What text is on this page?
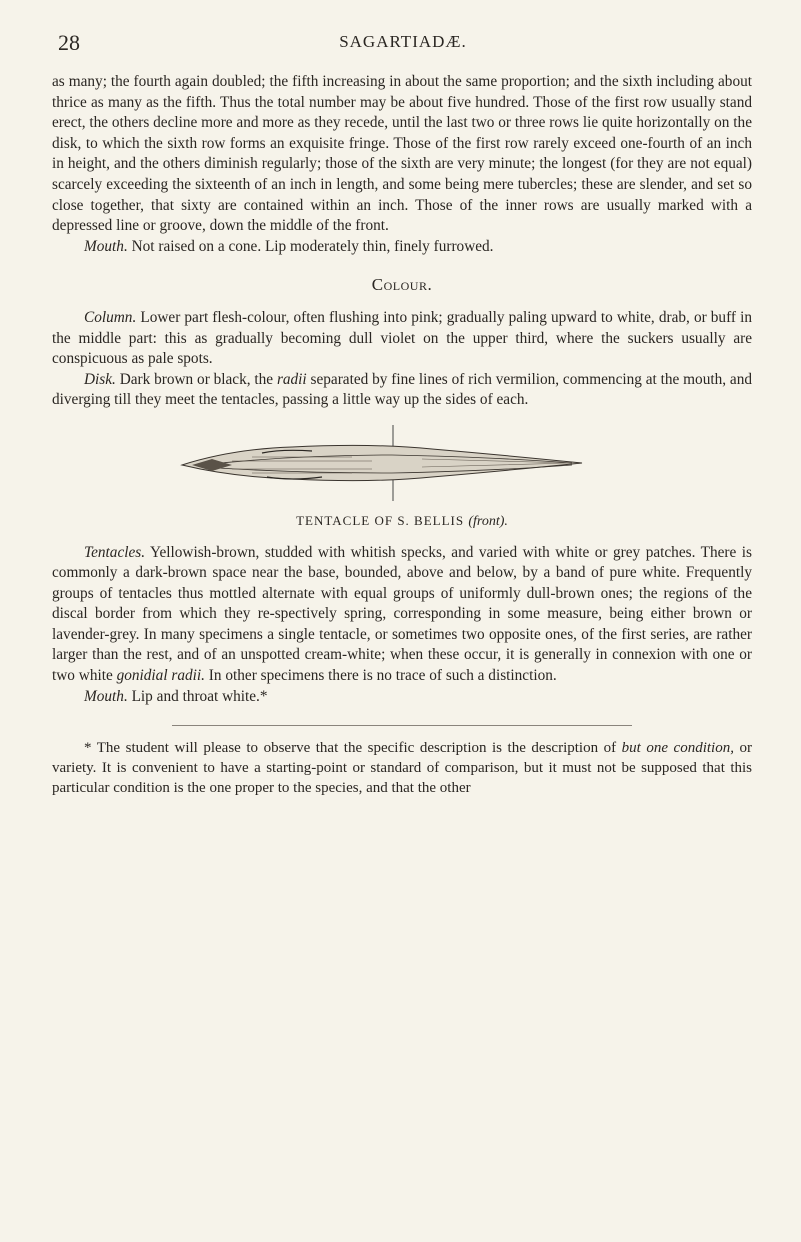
28	SAGARTIADÆ.

as many; the fourth again doubled; the fifth increasing in about the same proportion; and the sixth including about thrice as many as the fifth. Thus the total number may be about five hundred. Those of the first row usually stand erect, the others decline more and more as they recede, until the last two or three rows lie quite horizontally on the disk, to which the sixth row forms an exquisite fringe. Those of the first row rarely exceed one-fourth of an inch in height, and the others diminish regularly; those of the sixth are very minute; the longest (for they are not equal) scarcely exceeding the sixteenth of an inch in length, and some being mere tubercles; these are slender, and set so close together, that sixty are contained within an inch. Those of the inner rows are usually marked with a depressed line or groove, down the middle of the front.

Mouth. Not raised on a cone. Lip moderately thin, finely furrowed.

Colour.

Column. Lower part flesh-colour, often flushing into pink; gradually paling upward to white, drab, or buff in the middle part: this as gradually becoming dull violet on the upper third, where the suckers usually are conspicuous as pale spots.

Disk. Dark brown or black, the radii separated by fine lines of rich vermilion, commencing at the mouth, and diverging till they meet the tentacles, passing a little way up the sides of each.

TENTACLE OF S. BELLIS (front).

Tentacles. Yellowish-brown, studded with whitish specks, and varied with white or grey patches. There is commonly a dark-brown space near the base, bounded, above and below, by a band of pure white. Frequently groups of tentacles thus mottled alternate with equal groups of uniformly dull-brown ones; the regions of the discal border from which they re-spectively spring, corresponding in some measure, being either brown or lavender-grey. In many specimens a single tentacle, or sometimes two opposite ones, of the first series, are rather larger than the rest, and of an unspotted cream-white; when these occur, it is generally in connexion with one or two white gonidial radii. In other specimens there is no trace of such a distinction.

Mouth. Lip and throat white.*

* The student will please to observe that the specific description is the description of but one condition, or variety. It is convenient to have a starting-point or standard of comparison, but it must not be supposed that this particular condition is the one proper to the species, and that the other
